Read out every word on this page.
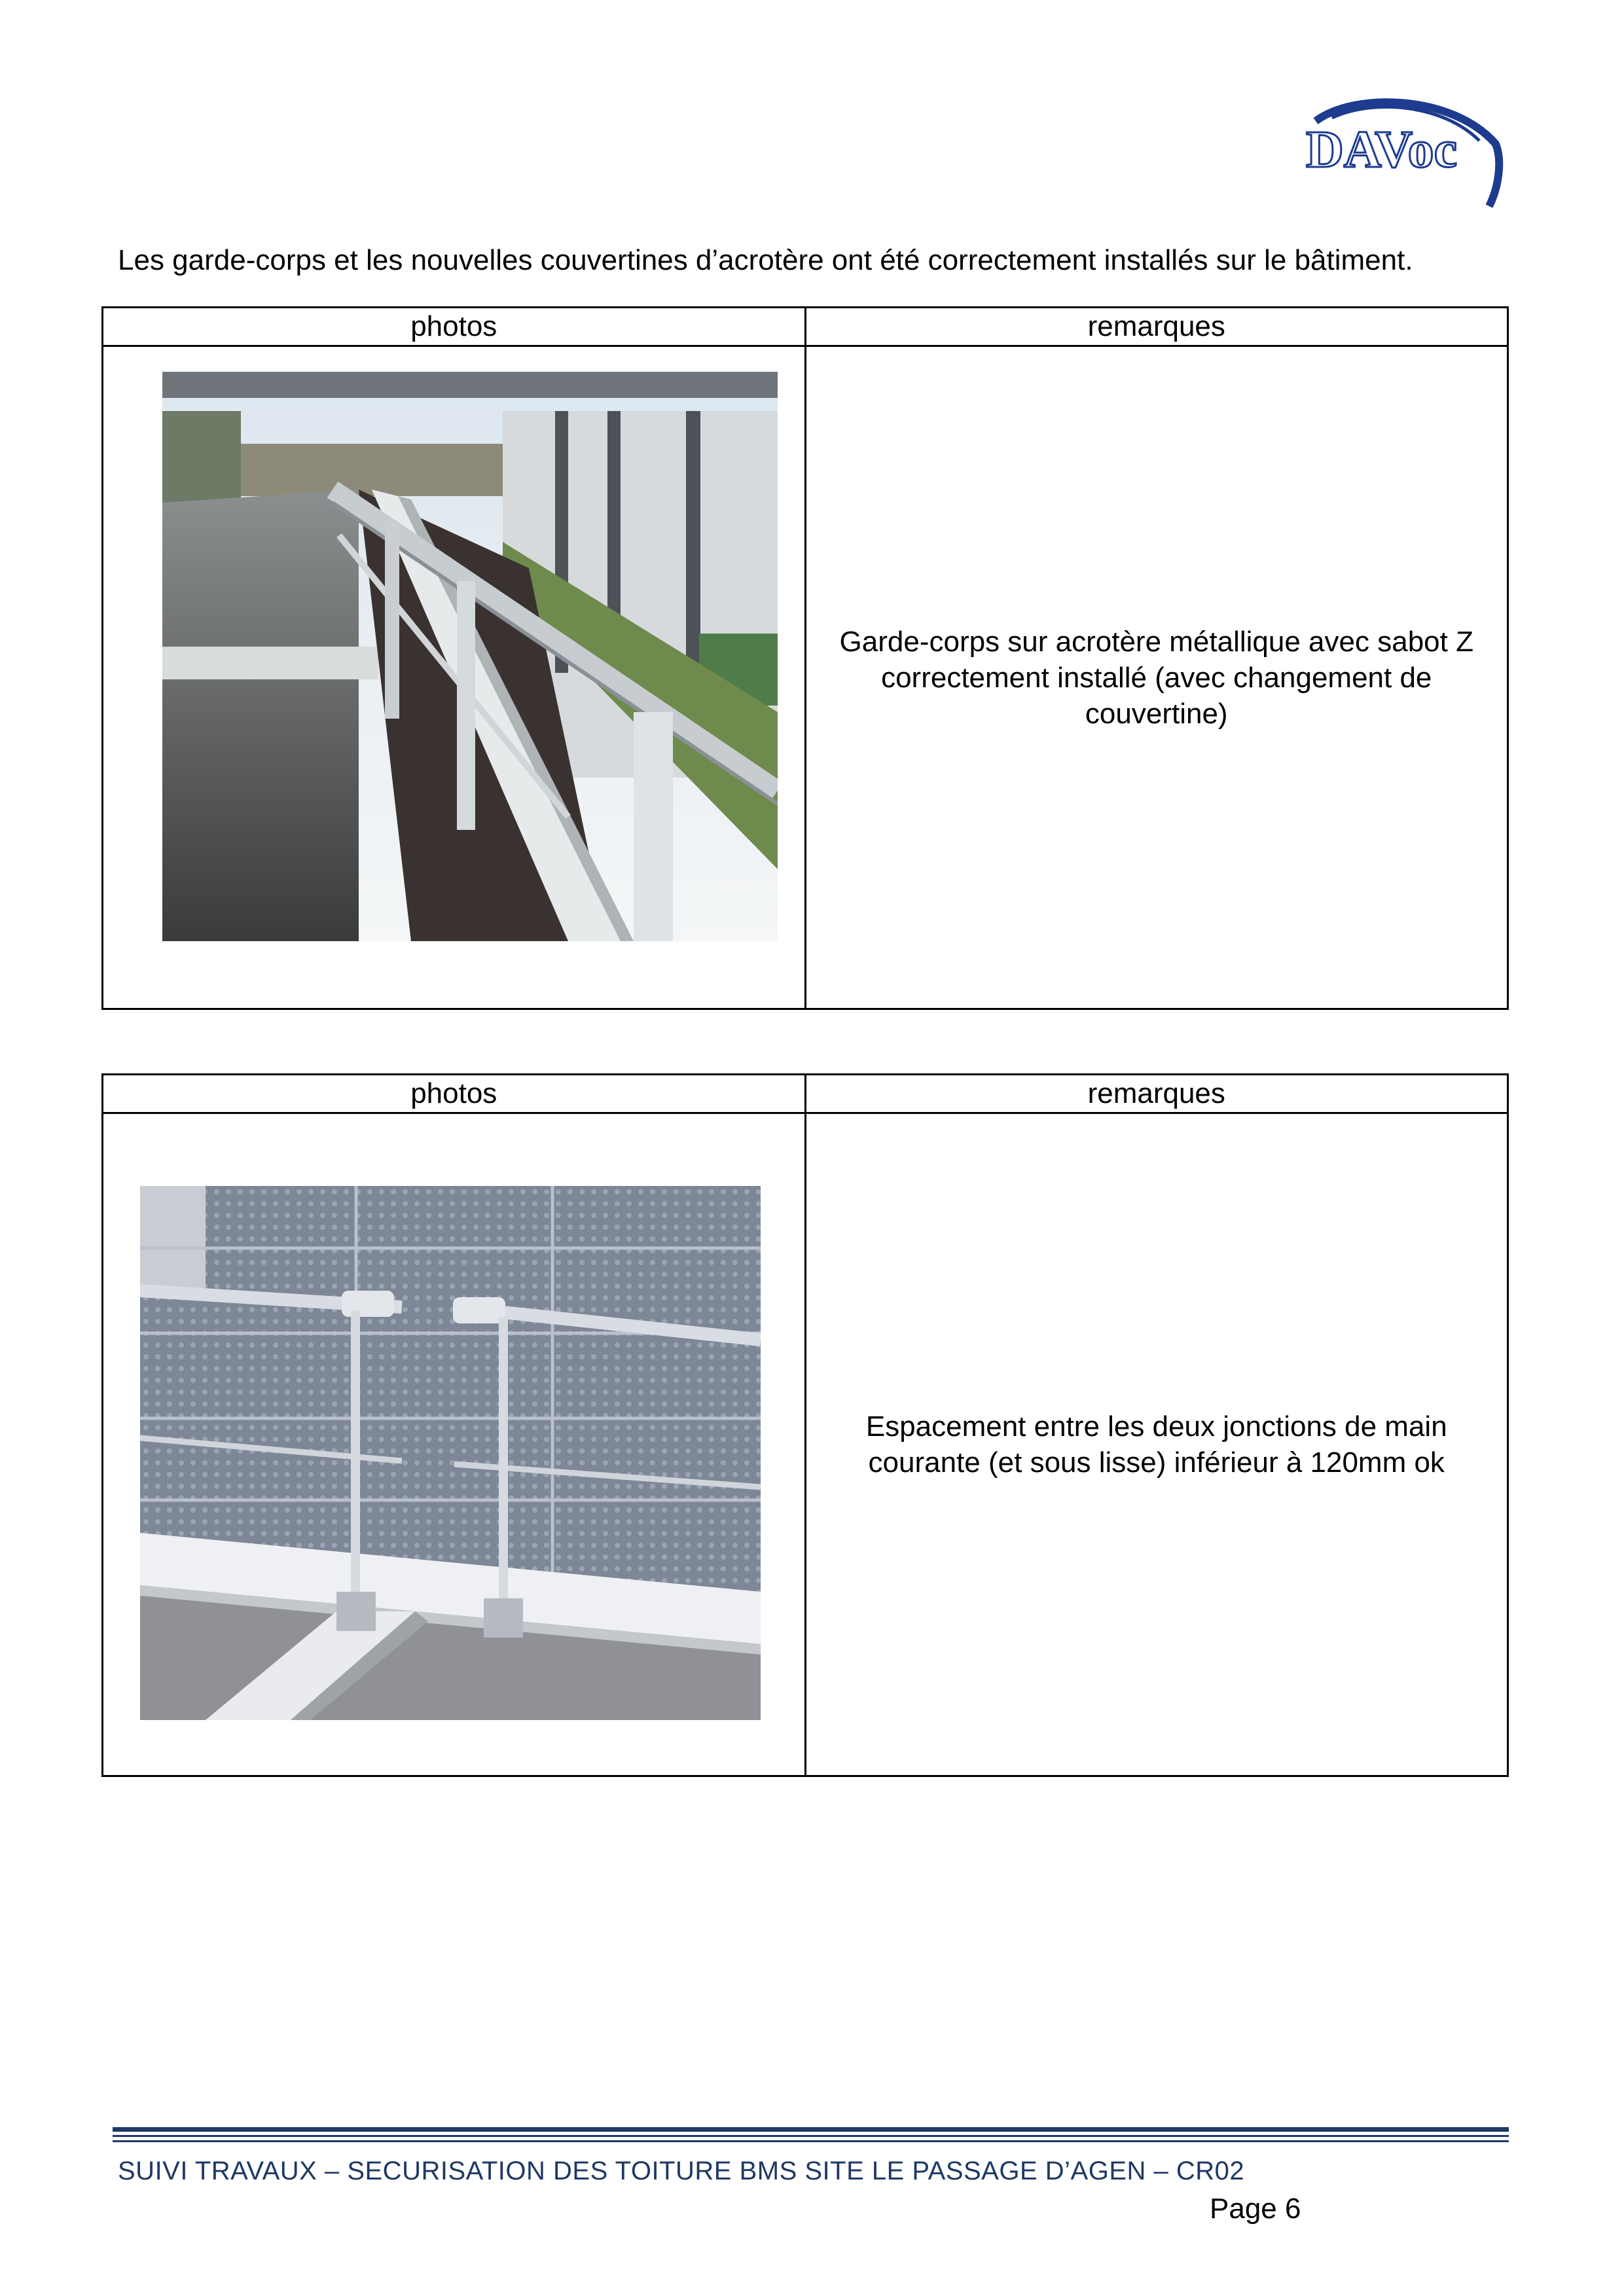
DAVoc
Les garde-corps et les nouvelles couvertines d’acrotère ont été correctement installés sur le bâtiment.
photos	remarques

	Garde-corps sur acrotère métallique avec sabot Z
correctement installé (avec changement de
couvertine)
photos	remarques

	Espacement entre les deux jonctions de main
courante (et sous lisse) inférieur à 120mm ok
SUIVI TRAVAUX – SECURISATION DES TOITURE BMS SITE LE PASSAGE D’AGEN – CR02
Page 6
